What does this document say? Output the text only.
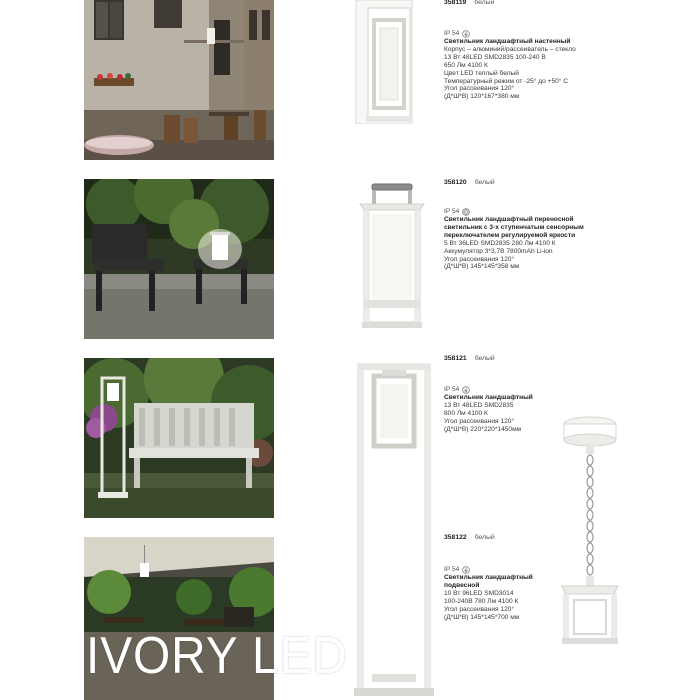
IVORY LED
358119 белый
IP 54
Светильник ландшафтный настенный
Корпус – алюминий/рассеиватель – стекло
13 Вт 48LED SMD2835 100-240 В
650 Лм 4100 К
Цвет LED теплый белый
Температурный режим от -25° до +50° С
Угол рассеивания 120°
(Д*Ш*В) 120*167*380 мм
358120 белый
IP 54
Светильник ландшафтный переносной
светильник с 3-х ступенчатым сенсорным
переключателем регулируемой яркости
5 Вт 36LED SMD2835 280 Лм 4100 К
Аккумулятор 3*3,7В 7800mAh Li-ion
Угол рассеивания 120°
(Д*Ш*В) 145*145*358 мм
358121 белый
IP 54
Светильник ландшафтный
13 Вт 48LED SMD2835
800 Лм 4100 К
Угол рассеивания 120°
(Д*Ш*В) 220*220*1450мм
358122 белый
IP 54
Светильник ландшафтный
подвесной
10 Вт 96LED SMD3014
100-240В 780 Лм 4100 К
Угол рассеивания 120°
(Д*Ш*В) 145*145*700 мм
